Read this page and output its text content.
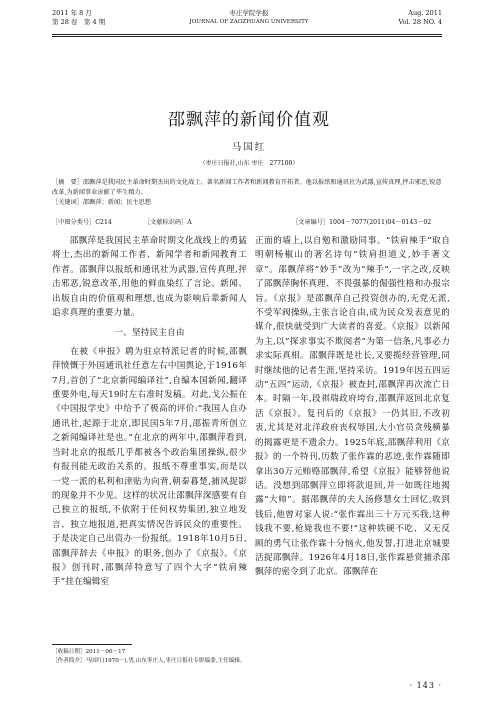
2011 年 8 月
第 28 卷　第 4 期
枣庄学院学报
JOURNAL OF ZAOZHUANG UNIVERSITY
Aug. 2011
Vol. 28 NO. 4
邵飘萍的新闻价值观
马国红
（枣庄日报社,山东 枣庄　277100）

［摘　要］邵飘萍是我国民主革命时期杰出的文化战士、著名新闻工作者和新闻教育开拓者。他以报纸和通讯社为武器,宣传真理,抨击邪恶,锐意改革,为新闻事业贡献了毕生精力。

［关键词］邵飘萍；新闻；民主思想

［中图分类号］C214	［文献标识码］A	［文章编号］1004－7077(2011)04－0143－02

　　邵飘萍是我国民主革命时期文化战线上的勇猛将士,杰出的新闻工作者、新闻学者和新闻教育工作者。邵飘萍以报纸和通讯社为武器,宣传真理,抨击邪恶,锐意改革,用他的鲜血染红了言论、新闻、出版自由的价值观和理想,也成为影响后辈新闻人追求真理的重要力量。

一、坚持民主自由

　　在被《申报》聘为驻京特派记者的时候,邵飘萍愤慨于外国通讯社任意左右中国舆论,于1916年7月,首创了“北京新闻编译社”,自编本国新闻,翻译重要外电,每天19时左右准时发稿。对此,戈公振在《中国报学史》中给予了极高的评价:“我国人自办通讯社,起源于北京,即民国5年7月,邵振青所创立之新闻编译社是也。”在北京的两年中,邵飘萍看到,当时北京的报纸几乎都被各个政治集团操纵,很少有报刊能无政治关系的。报纸不尊重事实,而是以一党一派的私利和津贴为向背,朝秦暮楚,捕风捉影的现象并不少见。这样的状况让邵飘萍深感要有自己独立的报纸,不依附于任何权势集团,独立地发言、独立地报道,把真实情况告诉民众的重要性。于是决定自己出资办一份报纸。1918年10月5日,邵飘萍辞去《申报》的职务,创办了《京报》。《京报》创刊时,邵飘萍特意写了四个大字“铁肩辣手”挂在编辑室

正面的墙上,以自勉和激励同事。“铁肩辣手”取自明朝杨椒山的著名诗句“铁肩担道义,妙手著文章”。邵飘萍将“妙手”改为“辣手”,一字之改,反映了邵飘萍胸怀真理、不畏强暴的倔强性格和办报宗旨。《京报》是邵飘萍自己投资创办的,无党无派,不受军阀操纵,主张言论自由,成为民众发表意见的媒介,很快就受到广大读者的喜爱。《京报》以新闻为主,以“探求事实不欺阅者”为第一信条,凡事必力求实际真相。邵飘萍既是社长,又要揽经营管理,同时继续他的记者生涯,坚持采访。1919年因五四运动“五四”运动,《京报》被查封,邵飘萍再次流亡日本。时隔一年,段祺瑞政府垮台,邵飘萍返回北京复活《京报》。复刊后的《京报》一仍其旧,不改初衷,尤其是对北洋政府丧权辱国,大小官员贪残横暴的揭露更是不遗余力。1925年底,邵飘萍利用《京报》的一个特刊,历数了张作霖的恶迹,张作霖随即拿出30万元贿赂邵飘萍,希望《京报》能够替他说话。没想到邵飘萍立即将款退回,并一如既往地揭露“大帅”。据邵飘萍的夫人汤修慧女士回忆,收到钱后,他曾对家人说:“张作霖出三十万元买我,这种钱我不要,枪毙我也不要!”这种铁硬不吃、又无反顾的勇气让张作霖十分恼火,他发誓,打进北京城要活捉邵飘萍。1926年4月18日,张作霖悬赏捕杀邵飘萍的密令到了北京。邵飘萍在

［收稿日期］2011－06－17
［作者简介］马国红(1970－),男,山东枣庄人,枣庄日报社专职编委,主任编辑。
· 143 ·
